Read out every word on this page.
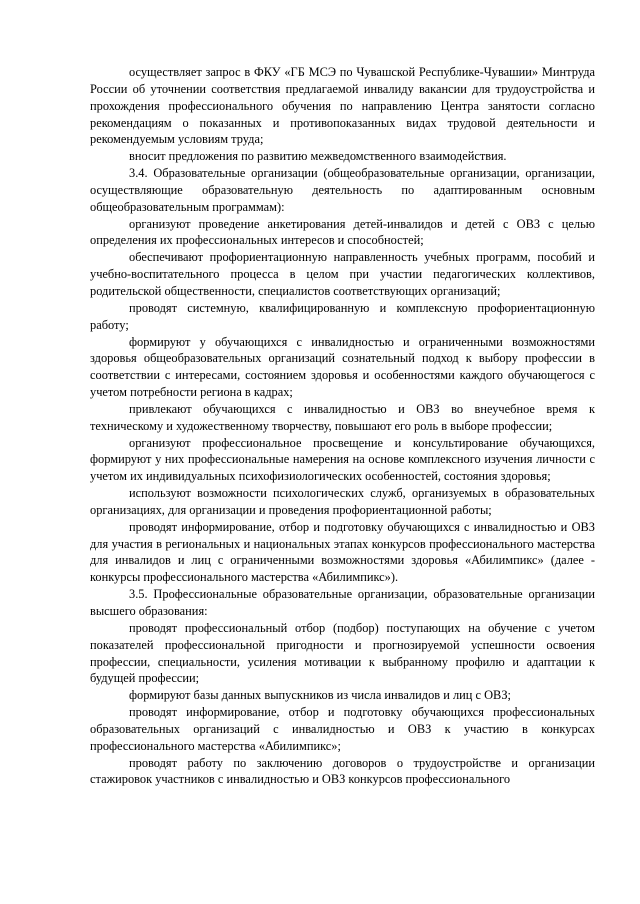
осуществляет запрос в ФКУ «ГБ МСЭ по Чувашской Республике-Чувашии» Минтруда России об уточнении соответствия предлагаемой инвалиду вакансии для трудоустройства и прохождения профессионального обучения по направлению Центра занятости согласно рекомендациям о показанных и противопоказанных видах трудовой деятельности и рекомендуемым условиям труда;

вносит предложения по развитию межведомственного взаимодействия.

3.4. Образовательные организации (общеобразовательные организации, организации, осуществляющие образовательную деятельность по адаптированным основным общеобразовательным программам):

организуют проведение анкетирования детей-инвалидов и детей с ОВЗ с целью определения их профессиональных интересов и способностей;

обеспечивают профориентационную направленность учебных программ, пособий и учебно-воспитательного процесса в целом при участии педагогических коллективов, родительской общественности, специалистов соответствующих организаций;

проводят системную, квалифицированную и комплексную профориентационную работу;

формируют у обучающихся с инвалидностью и ограниченными возможностями здоровья общеобразовательных организаций сознательный подход к выбору профессии в соответствии с интересами, состоянием здоровья и особенностями каждого обучающегося с учетом потребности региона в кадрах;

привлекают обучающихся с инвалидностью и ОВЗ во внеучебное время к техническому и художественному творчеству, повышают его роль в выборе профессии;

организуют профессиональное просвещение и консультирование обучающихся, формируют у них профессиональные намерения на основе комплексного изучения личности с учетом их индивидуальных психофизиологических особенностей, состояния здоровья;

используют возможности психологических служб, организуемых в образовательных организациях, для организации и проведения профориентационной работы;

проводят информирование, отбор и подготовку обучающихся с инвалидностью и ОВЗ для участия в региональных и национальных этапах конкурсов профессионального мастерства для инвалидов и лиц с ограниченными возможностями здоровья «Абилимпикс» (далее - конкурсы профессионального мастерства «Абилимпикс»).

3.5. Профессиональные образовательные организации, образовательные организации высшего образования:

проводят профессиональный отбор (подбор) поступающих на обучение с учетом показателей профессиональной пригодности и прогнозируемой успешности освоения профессии, специальности, усиления мотивации к выбранному профилю и адаптации к будущей профессии;

формируют базы данных выпускников из числа инвалидов и лиц с ОВЗ;

проводят информирование, отбор и подготовку обучающихся профессиональных образовательных организаций с инвалидностью и ОВЗ к участию в конкурсах профессионального мастерства «Абилимпикс»;

проводят работу по заключению договоров о трудоустройстве и организации стажировок участников с инвалидностью и ОВЗ конкурсов профессионального
